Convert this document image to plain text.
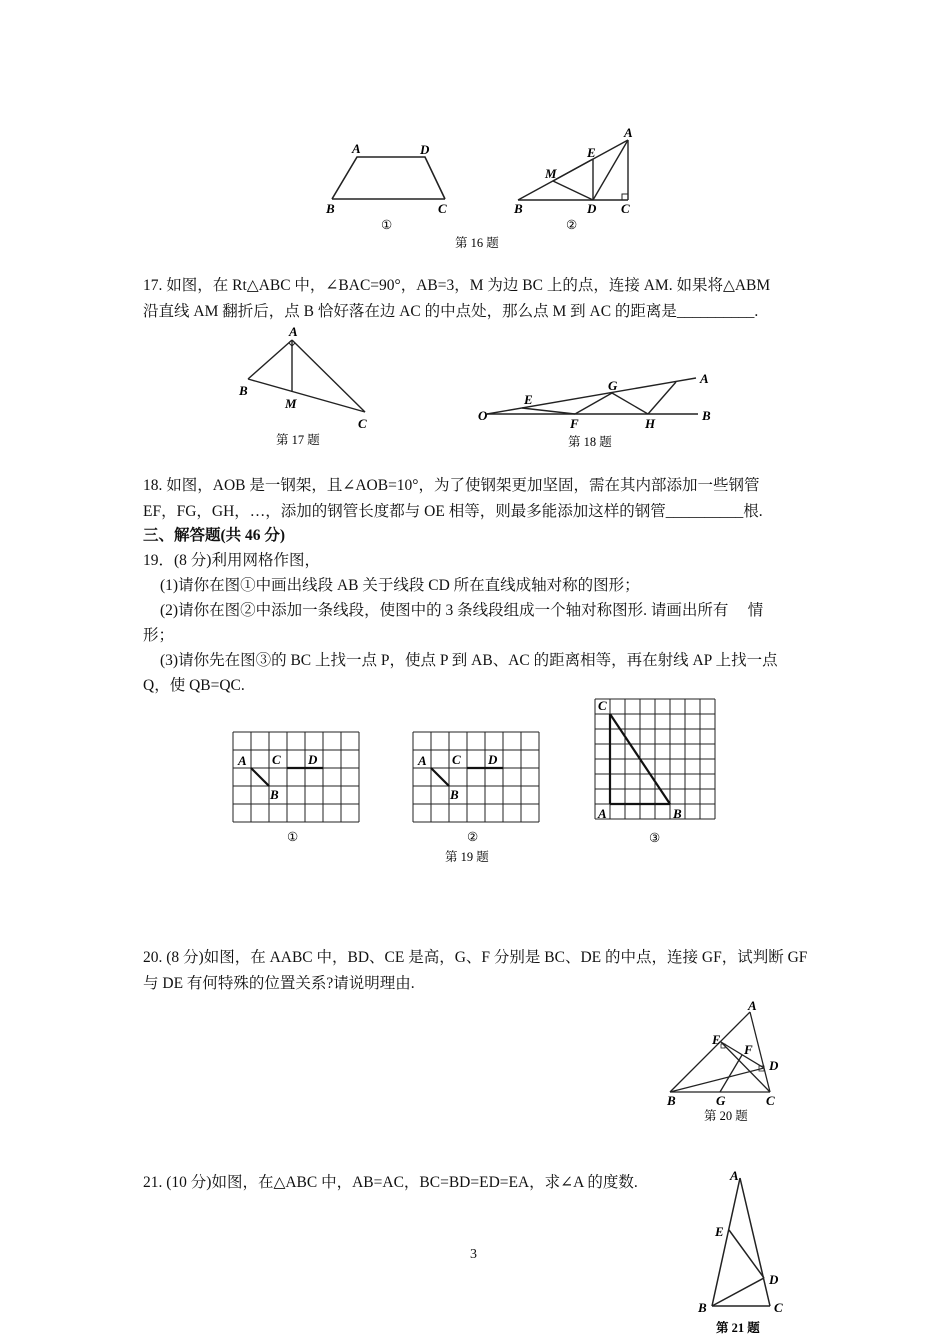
A	D
B	C
①
A
E
M
B	D C
②
第 16 题
17. 如图，在 Rt△ABC 中，∠BAC=90°，AB=3，M 为边 BC 上的点，连接 AM. 如果将△ABM
沿直线 AM 翻折后，点 B 恰好落在边 AC 的中点处，那么点 M 到 AC 的距离是__________.
A
B
M
C
第 17 题
O
E
G	A
F	H
B
第 18 题
18. 如图，AOB 是一钢架，且∠AOB=10°，为了使钢架更加坚固，需在其内部添加一些钢管
EF，FG，GH，…，添加的钢管长度都与 OE 相等，则最多能添加这样的钢管__________根.
三、解答题(共 46 分)
19．(8 分)利用网格作图，
(1)请你在图①中画出线段 AB 关于线段 CD 所在直线成轴对称的图形；
(2)请你在图②中添加一条线段，使图中的 3 条线段组成一个轴对称图形. 请画出所有　 情
形；
(3)请你先在图③的 BC 上找一点 P，使点 P 到 AB、AC 的距离相等，再在射线 AP 上找一点
Q，使 QB=QC.
A C D
B
①
A C D
B
②
C
A	B
③
第 19 题
20. (8 分)如图，在 AABC 中，BD、CE 是高，G、F 分别是 BC、DE 的中点，连接 GF，试判断 GF
与 DE 有何特殊的位置关系?请说明理由.
A
E
F
D
B	G	C
第 20 题
21. (10 分)如图，在△ABC 中，AB=AC，BC=BD=ED=EA，求∠A 的度数.	A
E
D
B	C
第 21 题
3
